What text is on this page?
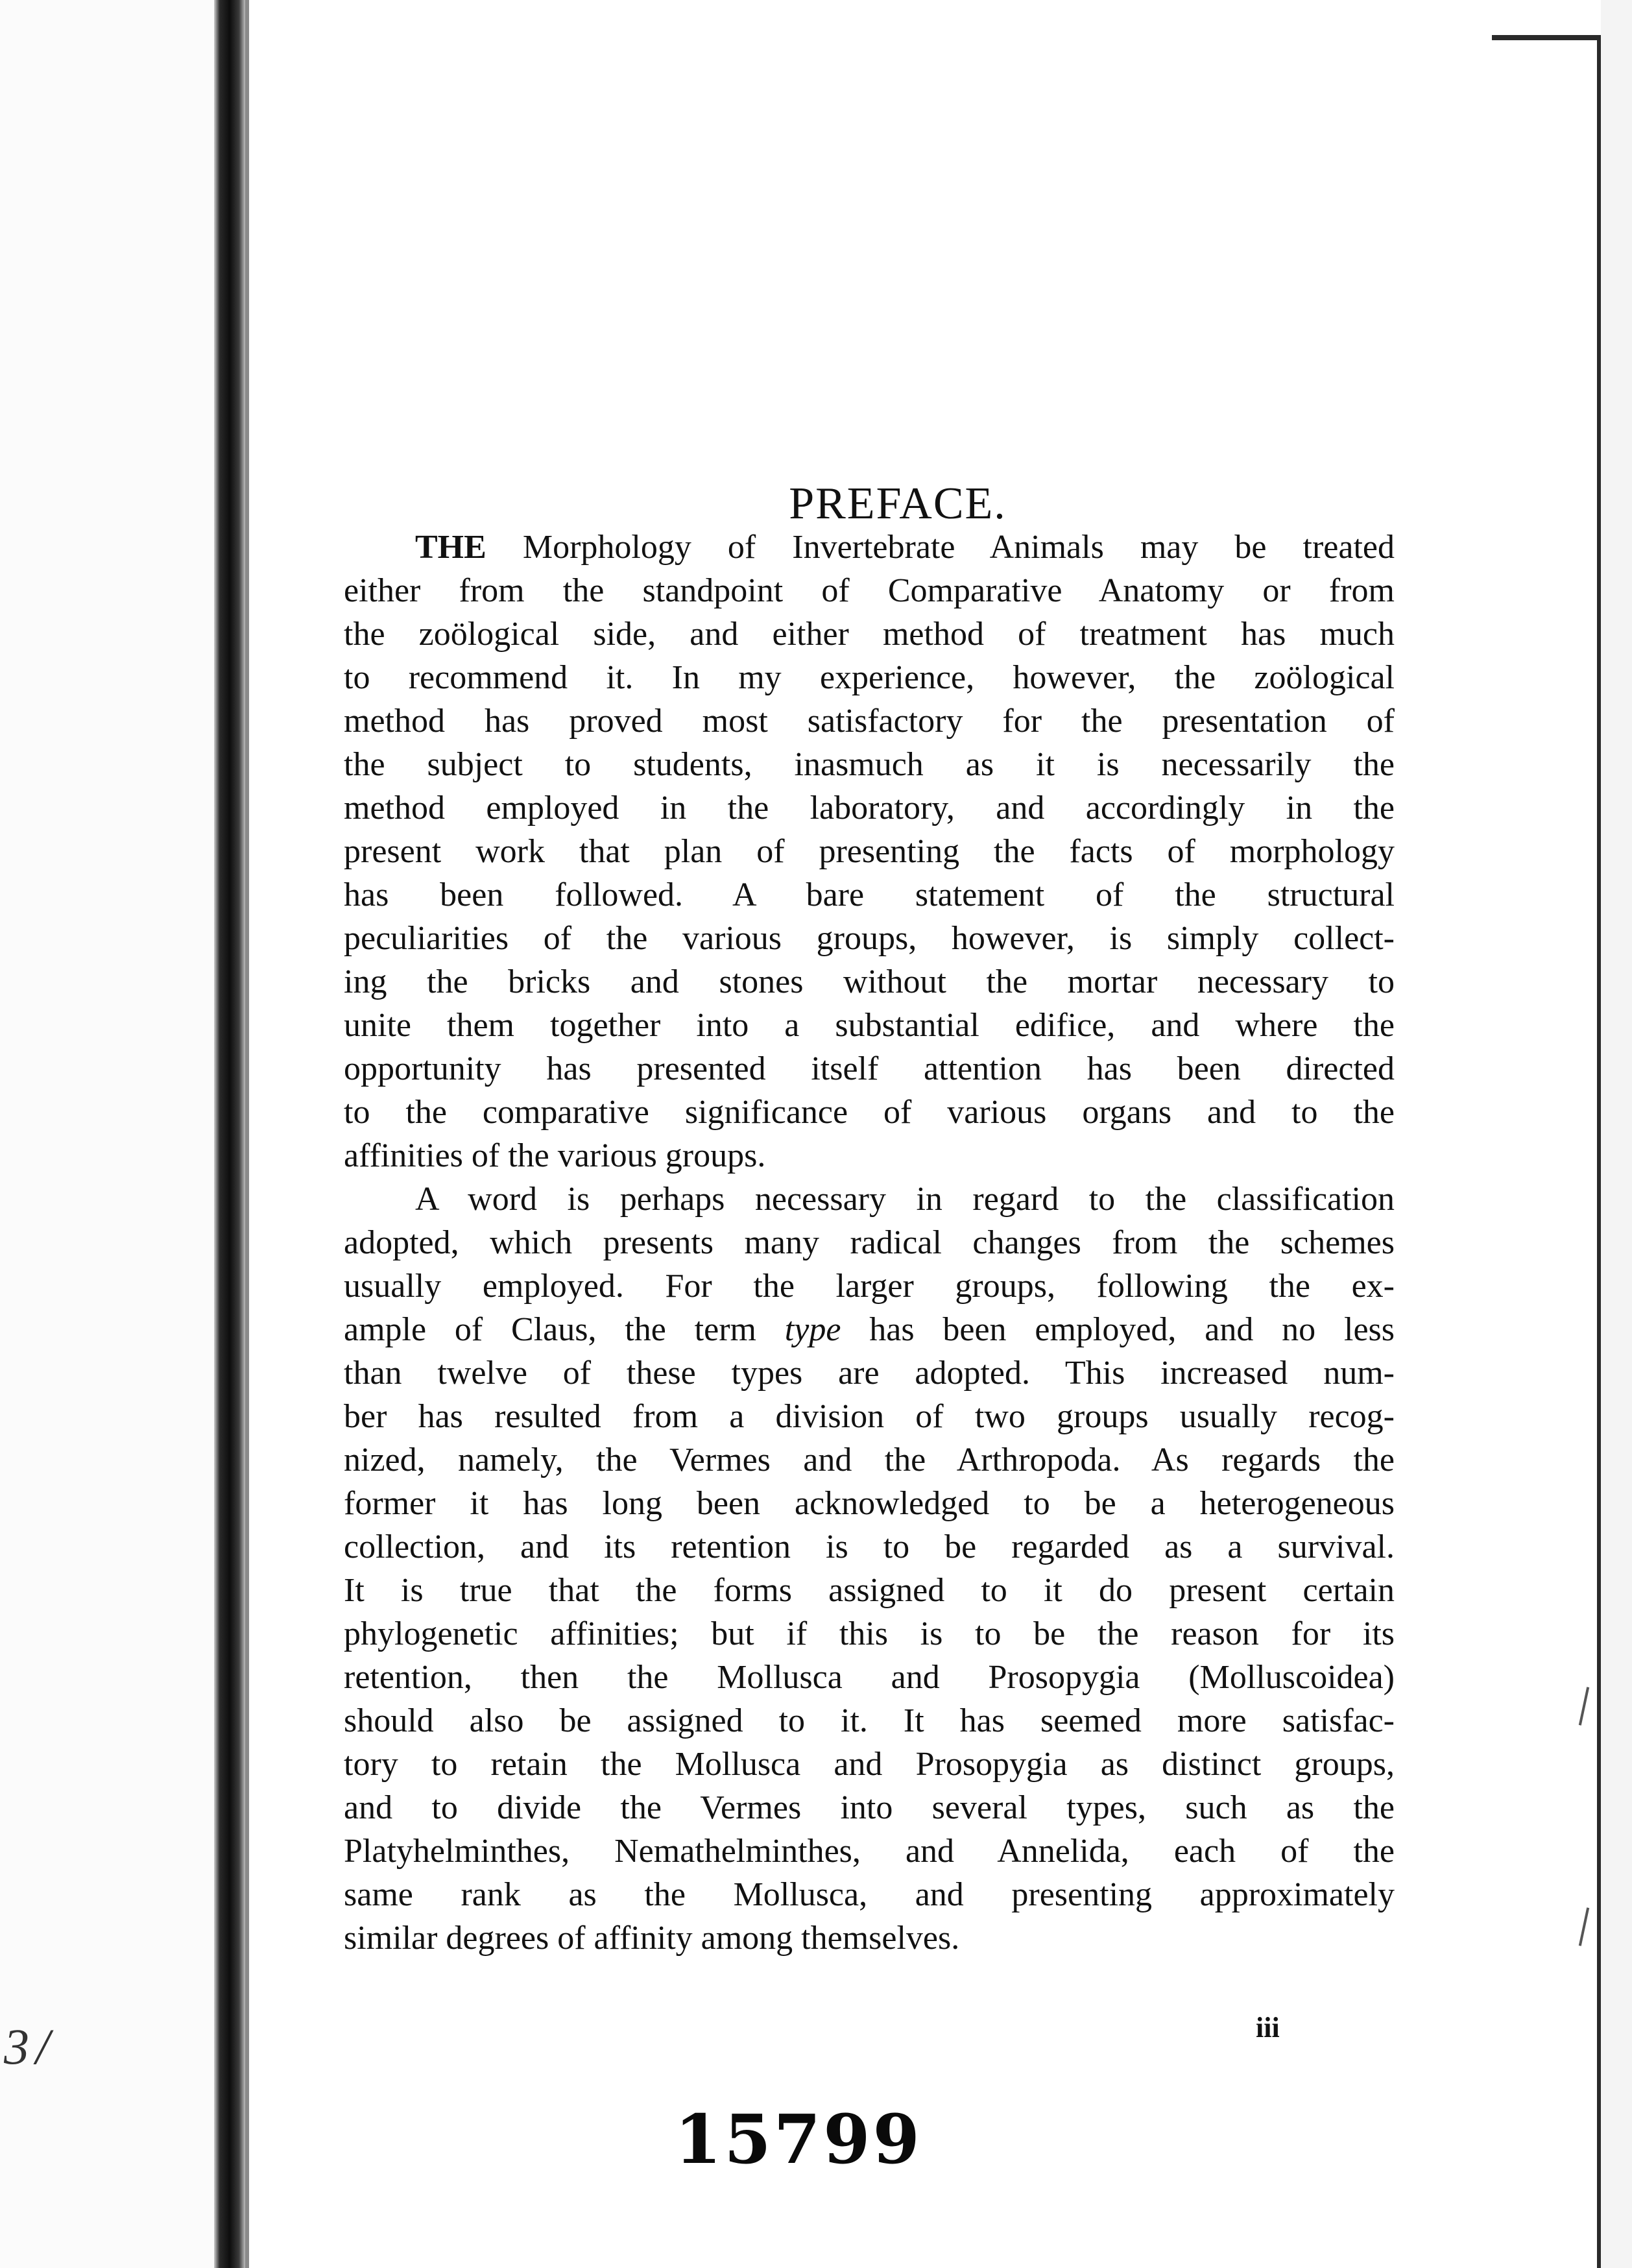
3/
PREFACE.
THE Morphology of Invertebrate Animals may be treated
either from the standpoint of Comparative Anatomy or from
the zoölogical side, and either method of treatment has much
to recommend it. In my experience, however, the zoölogical
method has proved most satisfactory for the presentation of
the subject to students, inasmuch as it is necessarily the
method employed in the laboratory, and accordingly in the
present work that plan of presenting the facts of morphology
has been followed. A bare statement of the structural
peculiarities of the various groups, however, is simply collect-
ing the bricks and stones without the mortar necessary to
unite them together into a substantial edifice, and where the
opportunity has presented itself attention has been directed
to the comparative significance of various organs and to the
affinities of the various groups.
A word is perhaps necessary in regard to the classification
adopted, which presents many radical changes from the schemes
usually employed. For the larger groups, following the ex-
ample of Claus, the term type has been employed, and no less
than twelve of these types are adopted. This increased num-
ber has resulted from a division of two groups usually recog-
nized, namely, the Vermes and the Arthropoda. As regards the
former it has long been acknowledged to be a heterogeneous
collection, and its retention is to be regarded as a survival.
It is true that the forms assigned to it do present certain
phylogenetic affinities; but if this is to be the reason for its
retention, then the Mollusca and Prosopygia (Molluscoidea)
should also be assigned to it. It has seemed more satisfac-
tory to retain the Mollusca and Prosopygia as distinct groups,
and to divide the Vermes into several types, such as the
Platyhelminthes, Nemathelminthes, and Annelida, each of the
same rank as the Mollusca, and presenting approximately
similar degrees of affinity among themselves.
iii
15799
